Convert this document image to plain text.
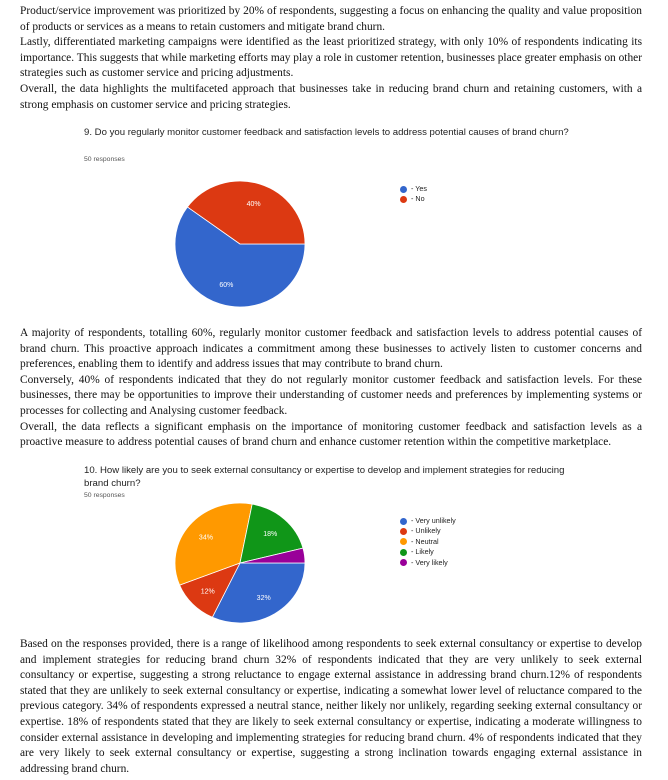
Product/service improvement was prioritized by 20% of respondents, suggesting a focus on enhancing the quality and value proposition of products or services as a means to retain customers and mitigate brand churn.

Lastly, differentiated marketing campaigns were identified as the least prioritized strategy, with only 10% of respondents indicating its importance. This suggests that while marketing efforts may play a role in customer retention, businesses place greater emphasis on other strategies such as customer service and pricing adjustments.

Overall, the data highlights the multifaceted approach that businesses take in reducing brand churn and retaining customers, with a strong emphasis on customer service and pricing strategies.

9. Do you regularly monitor customer feedback and satisfaction levels to address potential causes of brand churn?

50 responses

60%
40%
- Yes
- No

A majority of respondents, totalling 60%, regularly monitor customer feedback and satisfaction levels to address potential causes of brand churn. This proactive approach indicates a commitment among these businesses to actively listen to customer concerns and preferences, enabling them to identify and address issues that may contribute to brand churn.

Conversely, 40% of respondents indicated that they do not regularly monitor customer feedback and satisfaction levels. For these businesses, there may be opportunities to improve their understanding of customer needs and preferences by implementing systems or processes for collecting and Analysing customer feedback.

Overall, the data reflects a significant emphasis on the importance of monitoring customer feedback and satisfaction levels as a proactive measure to address potential causes of brand churn and enhance customer retention within the competitive marketplace.

10. How likely are you to seek external consultancy or expertise to develop and implement strategies for reducing brand churn?

50 responses

32%
12%
34%
18%
- Very unlikely
- Unlikely
- Neutral
- Likely
- Very likely

Based on the responses provided, there is a range of likelihood among respondents to seek external consultancy or expertise to develop and implement strategies for reducing brand churn 32% of respondents indicated that they are very unlikely to seek external consultancy or expertise, suggesting a strong reluctance to engage external assistance in addressing brand churn.12% of respondents stated that they are unlikely to seek external consultancy or expertise, indicating a somewhat lower level of reluctance compared to the previous category. 34% of respondents expressed a neutral stance, neither likely nor unlikely, regarding seeking external consultancy or expertise. 18% of respondents stated that they are likely to seek external consultancy or expertise, indicating a moderate willingness to consider external assistance in developing and implementing strategies for reducing brand churn. 4% of respondents indicated that they are very likely to seek external consultancy or expertise, suggesting a strong inclination towards engaging external assistance in addressing brand churn.
